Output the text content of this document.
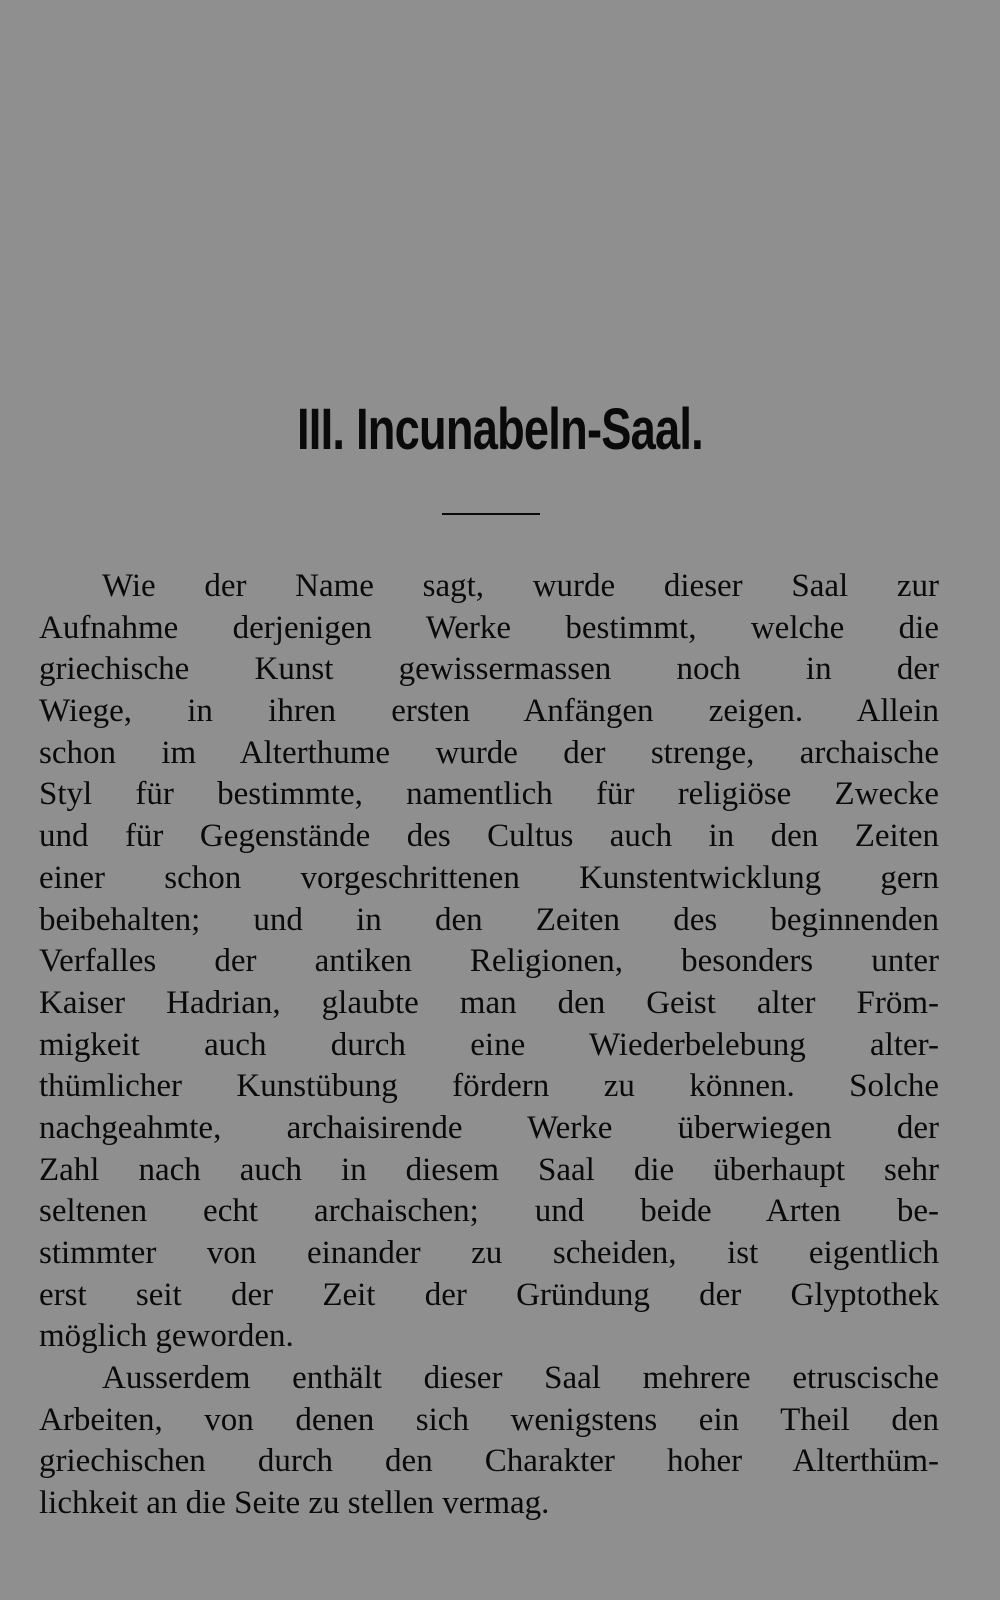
III. Incunabeln-Saal.
Wie der Name sagt, wurde dieser Saal zur
Aufnahme derjenigen Werke bestimmt, welche die
griechische Kunst gewissermassen noch in der
Wiege, in ihren ersten Anfängen zeigen. Allein
schon im Alterthume wurde der strenge, archaische
Styl für bestimmte, namentlich für religiöse Zwecke
und für Gegenstände des Cultus auch in den Zeiten
einer schon vorgeschrittenen Kunstentwicklung gern
beibehalten; und in den Zeiten des beginnenden
Verfalles der antiken Religionen, besonders unter
Kaiser Hadrian, glaubte man den Geist alter Fröm-
migkeit auch durch eine Wiederbelebung alter-
thümlicher Kunstübung fördern zu können. Solche
nachgeahmte, archaisirende Werke überwiegen der
Zahl nach auch in diesem Saal die überhaupt sehr
seltenen echt archaischen; und beide Arten be-
stimmter von einander zu scheiden, ist eigentlich
erst seit der Zeit der Gründung der Glyptothek
möglich geworden.
Ausserdem enthält dieser Saal mehrere etruscische
Arbeiten, von denen sich wenigstens ein Theil den
griechischen durch den Charakter hoher Alterthüm-
lichkeit an die Seite zu stellen vermag.
